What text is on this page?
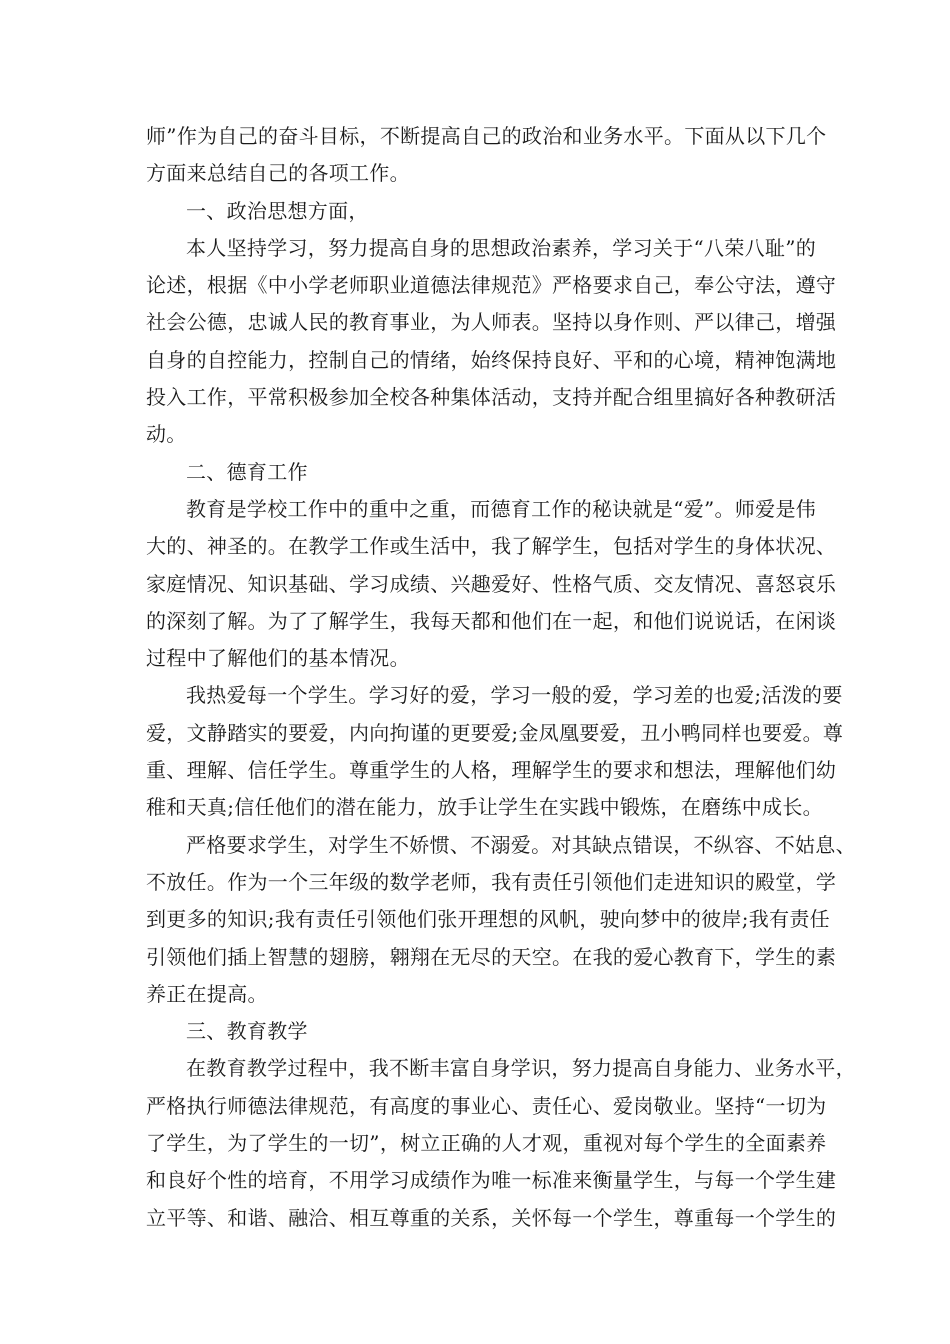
师”作为自己的奋斗目标，不断提高自己的政治和业务水平。下面从以下几个
方面来总结自己的各项工作。
一、政治思想方面，
本人坚持学习，努力提高自身的思想政治素养，学习关于“八荣八耻”的
论述，根据《中小学老师职业道德法律规范》严格要求自己，奉公守法，遵守
社会公德，忠诚人民的教育事业，为人师表。坚持以身作则、严以律己，增强
自身的自控能力，控制自己的情绪，始终保持良好、平和的心境，精神饱满地
投入工作，平常积极参加全校各种集体活动，支持并配合组里搞好各种教研活
动。
二、德育工作
教育是学校工作中的重中之重，而德育工作的秘诀就是“爱”。师爱是伟
大的、神圣的。在教学工作或生活中，我了解学生，包括对学生的身体状况、
家庭情况、知识基础、学习成绩、兴趣爱好、性格气质、交友情况、喜怒哀乐
的深刻了解。为了了解学生，我每天都和他们在一起，和他们说说话，在闲谈
过程中了解他们的基本情况。
我热爱每一个学生。学习好的爱，学习一般的爱，学习差的也爱;活泼的要
爱，文静踏实的要爱，内向拘谨的更要爱;金凤凰要爱，丑小鸭同样也要爱。尊
重、理解、信任学生。尊重学生的人格，理解学生的要求和想法，理解他们幼
稚和天真;信任他们的潜在能力，放手让学生在实践中锻炼，在磨练中成长。
严格要求学生，对学生不娇惯、不溺爱。对其缺点错误，不纵容、不姑息、
不放任。作为一个三年级的数学老师，我有责任引领他们走进知识的殿堂，学
到更多的知识;我有责任引领他们张开理想的风帆，驶向梦中的彼岸;我有责任
引领他们插上智慧的翅膀，翱翔在无尽的天空。在我的爱心教育下，学生的素
养正在提高。
三、教育教学
在教育教学过程中，我不断丰富自身学识，努力提高自身能力、业务水平，
严格执行师德法律规范，有高度的事业心、责任心、爱岗敬业。坚持“一切为
了学生，为了学生的一切”，树立正确的人才观，重视对每个学生的全面素养
和良好个性的培育，不用学习成绩作为唯一标准来衡量学生，与每一个学生建
立平等、和谐、融洽、相互尊重的关系，关怀每一个学生，尊重每一个学生的
